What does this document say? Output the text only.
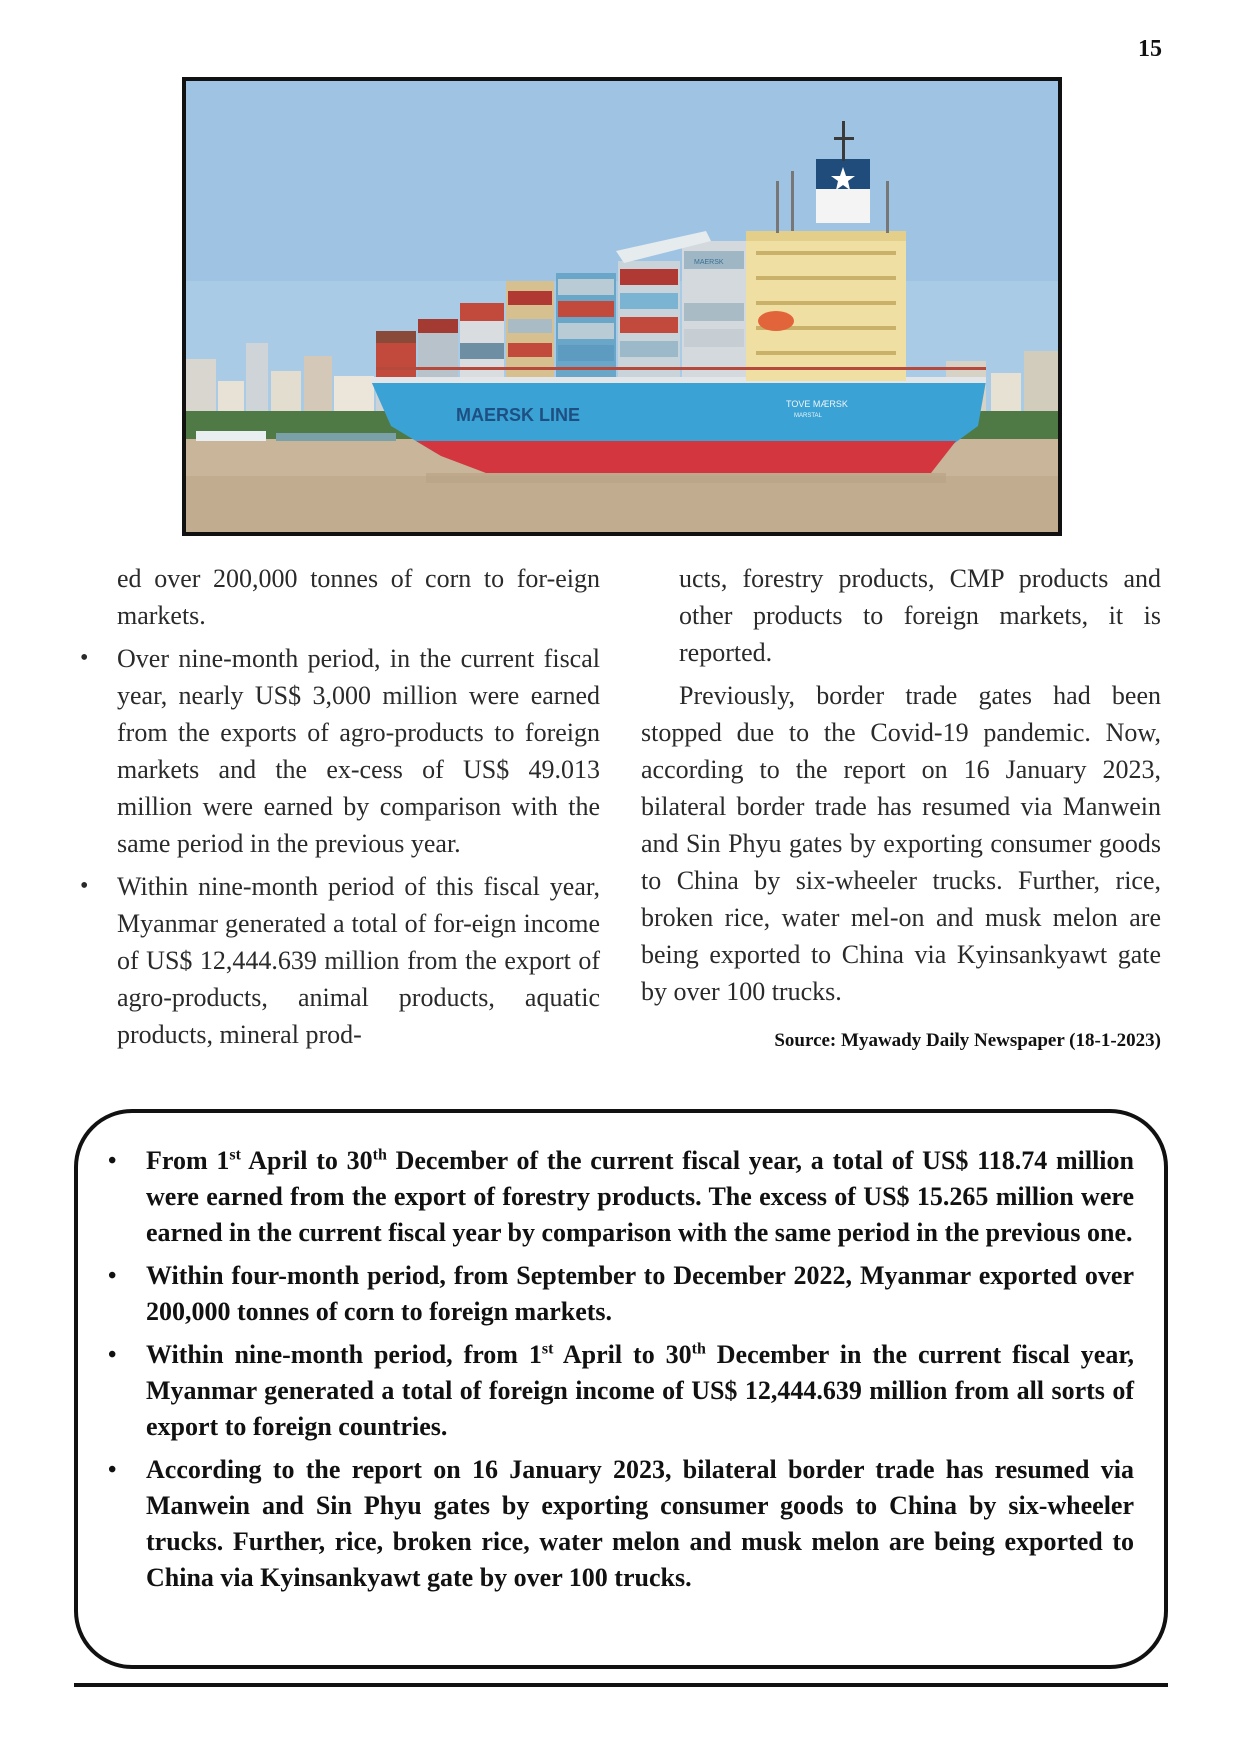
15
MAERSK LINE
TOVE MÆRSK
MARSTAL
MAERSK

ed over 200,000 tonnes of corn to for-eign markets.

•	Over nine-month period, in the current fiscal year, nearly US$ 3,000 million were earned from the exports of agro-products to foreign markets and the ex-cess of US$ 49.013 million were earned by comparison with the same period in the previous year.
•	Within nine-month period of this fiscal year, Myanmar generated a total of for-eign income of US$ 12,444.639 million from the export of agro-products, animal products, aquatic products, mineral prod-

ucts, forestry products, CMP products and other products to foreign markets, it is reported.

Previously, border trade gates had been stopped due to the Covid-19 pandemic. Now, according to the report on 16 January 2023, bilateral border trade has resumed via Manwein and Sin Phyu gates by exporting consumer goods to China by six-wheeler trucks. Further, rice, broken rice, water mel-on and musk melon are being exported to China via Kyinsankyawt gate by over 100 trucks.

Source: Myawady Daily Newspaper (18-1-2023)
•	From 1st April to 30th December of the current fiscal year, a total of US$ 118.74 million were earned from the export of forestry products. The excess of US$ 15.265 million were earned in the current fiscal year by comparison with the same period in the previous one.
•	Within four-month period, from September to December 2022, Myanmar exported over 200,000 tonnes of corn to foreign markets.
•	Within nine-month period, from 1st April to 30th December in the current fiscal year, Myanmar generated a total of foreign income of US$ 12,444.639 million from all sorts of export to foreign countries.
•	According to the report on 16 January 2023, bilateral border trade has resumed via Manwein and Sin Phyu gates by exporting consumer goods to China by six-wheeler trucks. Further, rice, broken rice, water melon and musk melon are being exported to China via Kyinsankyawt gate by over 100 trucks.
